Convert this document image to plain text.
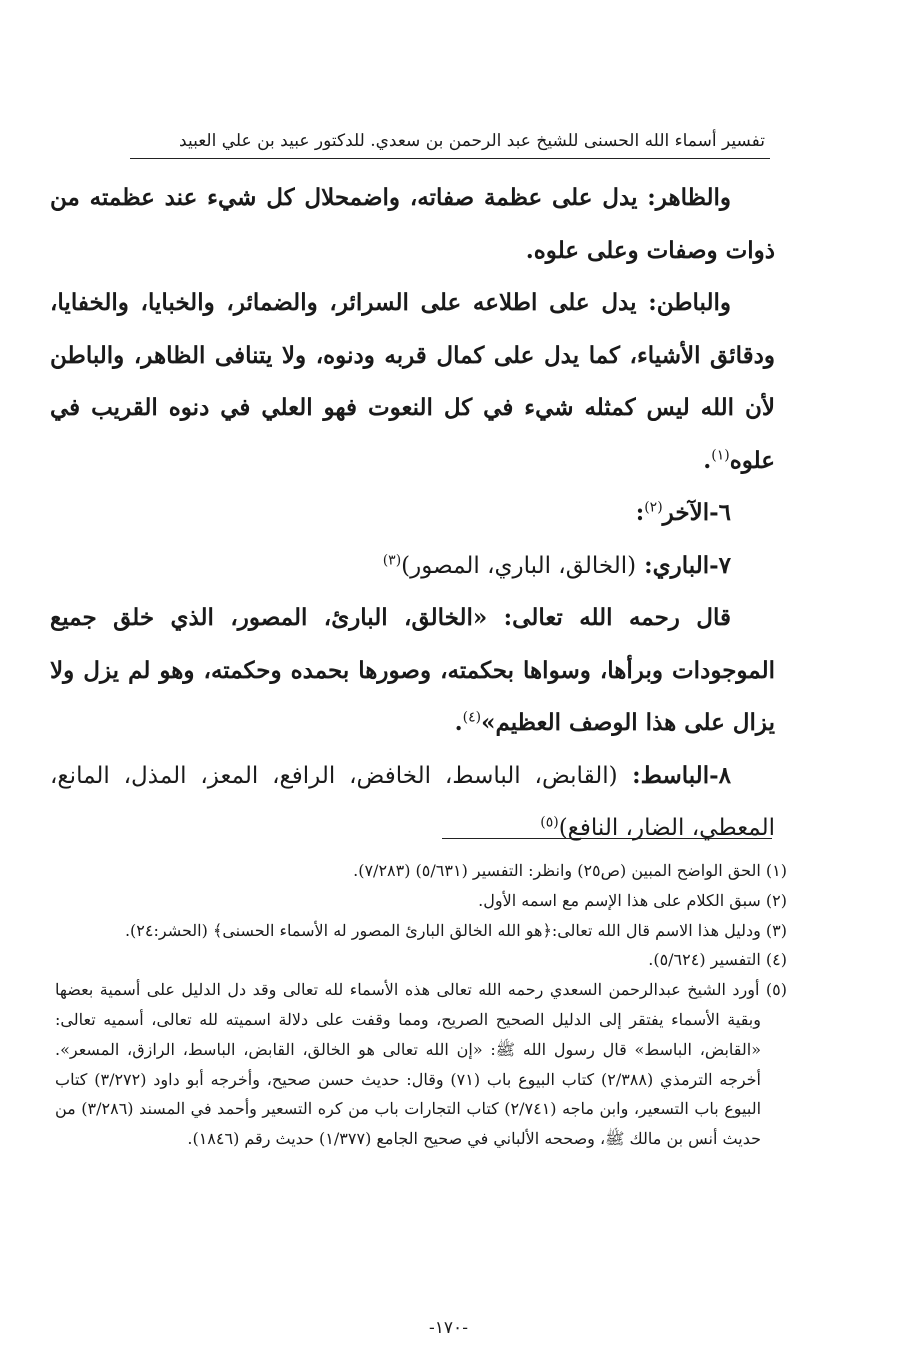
تفسير أسماء الله الحسنى للشيخ عبد الرحمن بن سعدي. للدكتور عبيد بن علي العبيد

والظاهر: يدل على عظمة صفاته، واضمحلال كل شيء عند عظمته من ذوات وصفات وعلى علوه.

والباطن: يدل على اطلاعه على السرائر، والضمائر، والخبايا، والخفايا، ودقائق الأشياء، كما يدل على كمال قربه ودنوه، ولا يتنافى الظاهر، والباطن لأن الله ليس كمثله شيء في كل النعوت فهو العلي في دنوه القريب في علوه$^{(١)}$.

٦-الآخر$^{(٢)}$:

٧-الباري: (الخالق، الباري، المصور)$^{(٣)}$

قال رحمه الله تعالى: «الخالق، البارئ، المصور، الذي خلق جميع الموجودات وبرأها، وسواها بحكمته، وصورها بحمده وحكمته، وهو لم يزل ولا يزال على هذا الوصف العظيم»$^{(٤)}$.

٨-الباسط: (القابض، الباسط، الخافض، الرافع، المعز، المذل، المانع، المعطي، الضار، النافع)$^{(٥)}$

(١) الحق الواضح المبين (ص٢٥) وانظر: التفسير (٥/٦٣١) (٧/٢٨٣).

(٢) سبق الكلام على هذا الإسم مع اسمه الأول.

(٣) ودليل هذا الاسم قال الله تعالى:﴿هو الله الخالق البارئ المصور له الأسماء الحسنى﴾ (الحشر:٢٤).

(٤) التفسير (٥/٦٢٤).

(٥) أورد الشيخ عبدالرحمن السعدي رحمه الله تعالى هذه الأسماء لله تعالى وقد دل الدليل على أسمية بعضها وبقية الأسماء يفتقر إلى الدليل الصحيح الصريح، ومما وقفت على دلالة اسميته لله تعالى، أسميه تعالى: «القابض، الباسط» قال رسول الله ﷺ: «إن الله تعالى هو الخالق، القابض، الباسط، الرازق، المسعر». أخرجه الترمذي (٢/٣٨٨) كتاب البيوع باب (٧١) وقال: حديث حسن صحيح، وأخرجه أبو داود (٣/٢٧٢) كتاب البيوع باب التسعير، وابن ماجه (٢/٧٤١) كتاب التجارات باب من كره التسعير وأحمد في المسند (٣/٢٨٦) من حديث أنس بن مالك ﷺ، وصححه الألباني في صحيح الجامع (١/٣٧٧) حديث رقم (١٨٤٦).

-١٧٠-
